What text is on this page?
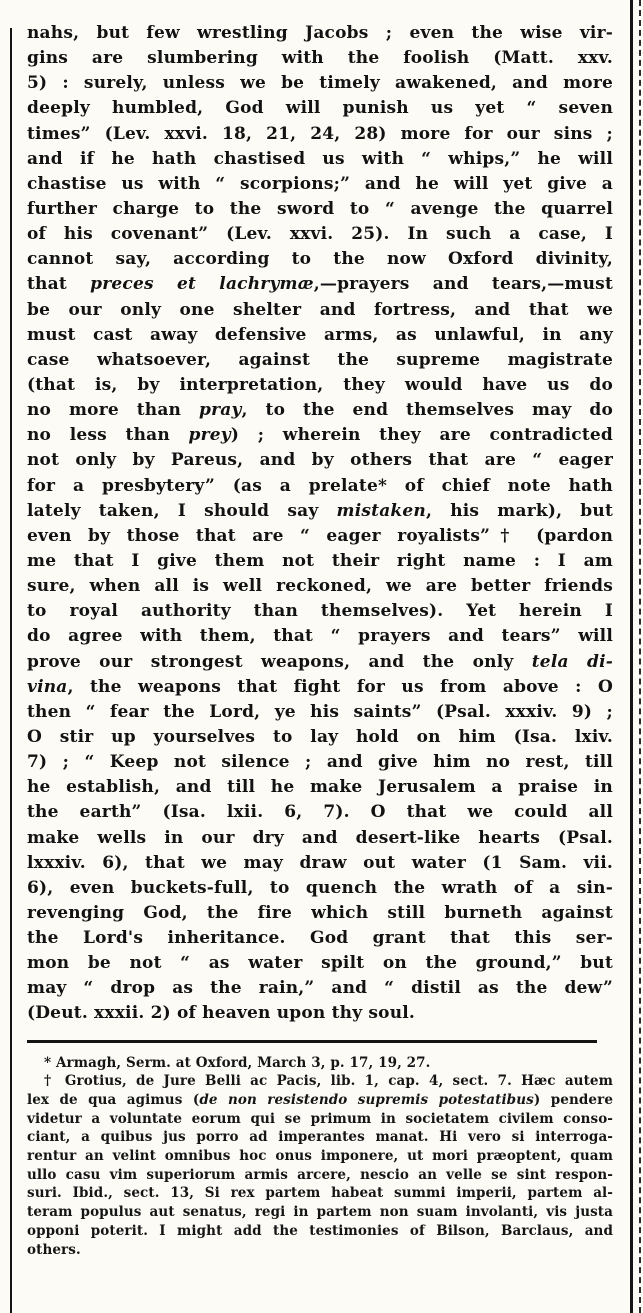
nahs, but few wrestling Jacobs ; even the wise vir-
gins are slumbering with the foolish (Matt. xxv.
5) : surely, unless we be timely awakened, and more
deeply humbled, God will punish us yet “ seven
times” (Lev. xxvi. 18, 21, 24, 28) more for our sins ;
and if he hath chastised us with “ whips,” he will
chastise us with “ scorpions;” and he will yet give a
further charge to the sword to “ avenge the quarrel
of his covenant” (Lev. xxvi. 25). In such a case, I
cannot say, according to the now Oxford divinity,
that preces et lachrymæ,—prayers and tears,—must
be our only one shelter and fortress, and that we
must cast away defensive arms, as unlawful, in any
case whatsoever, against the supreme magistrate
(that is, by interpretation, they would have us do
no more than pray, to the end themselves may do
no less than prey) ; wherein they are contradicted
not only by Pareus, and by others that are “ eager
for a presbytery” (as a prelate* of chief note hath
lately taken, I should say mistaken, his mark), but
even by those that are “ eager royalists”† (pardon
me that I give them not their right name : I am
sure, when all is well reckoned, we are better friends
to royal authority than themselves). Yet herein I
do agree with them, that “ prayers and tears” will
prove our strongest weapons, and the only tela di-
vina, the weapons that fight for us from above : O
then “ fear the Lord, ye his saints” (Psal. xxxiv. 9) ;
O stir up yourselves to lay hold on him (Isa. lxiv.
7) ; “ Keep not silence ; and give him no rest, till
he establish, and till he make Jerusalem a praise in
the earth” (Isa. lxii. 6, 7). O that we could all
make wells in our dry and desert-like hearts (Psal.
lxxxiv. 6), that we may draw out water (1 Sam. vii.
6), even buckets-full, to quench the wrath of a sin-
revenging God, the fire which still burneth against
the Lord's inheritance. God grant that this ser-
mon be not “ as water spilt on the ground,” but
may “ drop as the rain,” and “ distil as the dew”
(Deut. xxxii. 2) of heaven upon thy soul.
* Armagh, Serm. at Oxford, March 3, p. 17, 19, 27.
† Grotius, de Jure Belli ac Pacis, lib. 1, cap. 4, sect. 7. Hæc autem
lex de qua agimus (de non resistendo supremis potestatibus) pendere
videtur a voluntate eorum qui se primum in societatem civilem conso-
ciant, a quibus jus porro ad imperantes manat. Hi vero si interroga-
rentur an velint omnibus hoc onus imponere, ut mori præoptent, quam
ullo casu vim superiorum armis arcere, nescio an velle se sint respon-
suri. Ibid., sect. 13, Si rex partem habeat summi imperii, partem al-
teram populus aut senatus, regi in partem non suam involanti, vis justa
opponi poterit. I might add the testimonies of Bilson, Barclaus, and
others.
